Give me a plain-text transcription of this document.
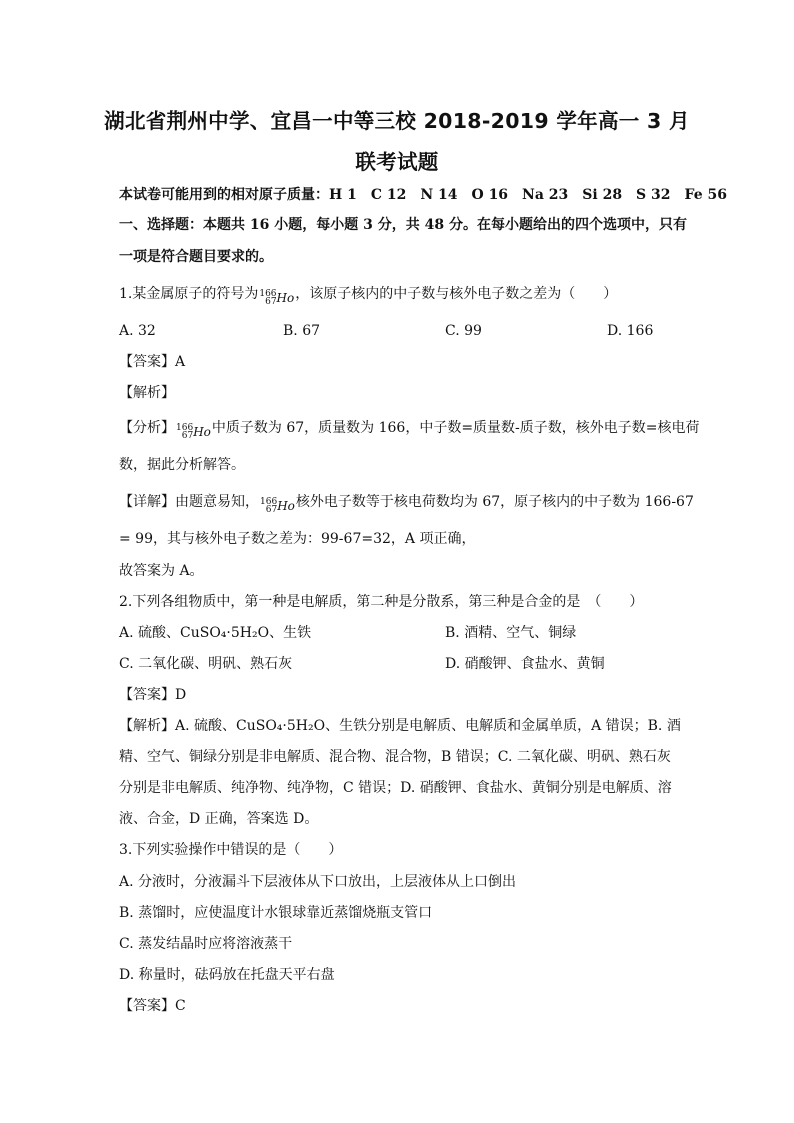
湖北省荆州中学、宜昌一中等三校 2018-2019 学年高一 3 月
联考试题
本试卷可能用到的相对原子质量：H 1　C 12　N 14　O 16　Na 23　Si 28　S 32　Fe 56
一、选择题：本题共 16 小题，每小题 3 分，共 48 分。在每小题给出的四个选项中，只有
一项是符合题目要求的。
1.某金属原子的符号为166
67Ho，该原子核内的中子数与核外电子数之差为（　　）
A. 32	B. 67	C. 99	D. 166
【答案】A
【解析】
【分析】166
67Ho中质子数为 67，质量数为 166，中子数=质量数-质子数，核外电子数=核电荷
数，据此分析解答。
【详解】由题意易知，166
67Ho核外电子数等于核电荷数均为 67，原子核内的中子数为 166-67
= 99，其与核外电子数之差为：99-67=32，A 项正确，
故答案为 A。
2.下列各组物质中，第一种是电解质，第二种是分散系，第三种是合金的是　（　　）
A. 硫酸、CuSO₄·5H₂O、生铁	B. 酒精、空气、铜绿
C. 二氧化碳、明矾、熟石灰	D. 硝酸钾、食盐水、黄铜
【答案】D
【解析】A. 硫酸、CuSO₄·5H₂O、生铁分别是电解质、电解质和金属单质，A 错误；B. 酒
精、空气、铜绿分别是非电解质、混合物、混合物，B 错误；C. 二氧化碳、明矾、熟石灰
分别是非电解质、纯净物、纯净物，C 错误；D. 硝酸钾、食盐水、黄铜分别是电解质、溶
液、合金，D 正确，答案选 D。
3.下列实验操作中错误的是（　　）
A. 分液时，分液漏斗下层液体从下口放出，上层液体从上口倒出
B. 蒸馏时，应使温度计水银球靠近蒸馏烧瓶支管口
C. 蒸发结晶时应将溶液蒸干
D. 称量时，砝码放在托盘天平右盘
【答案】C
